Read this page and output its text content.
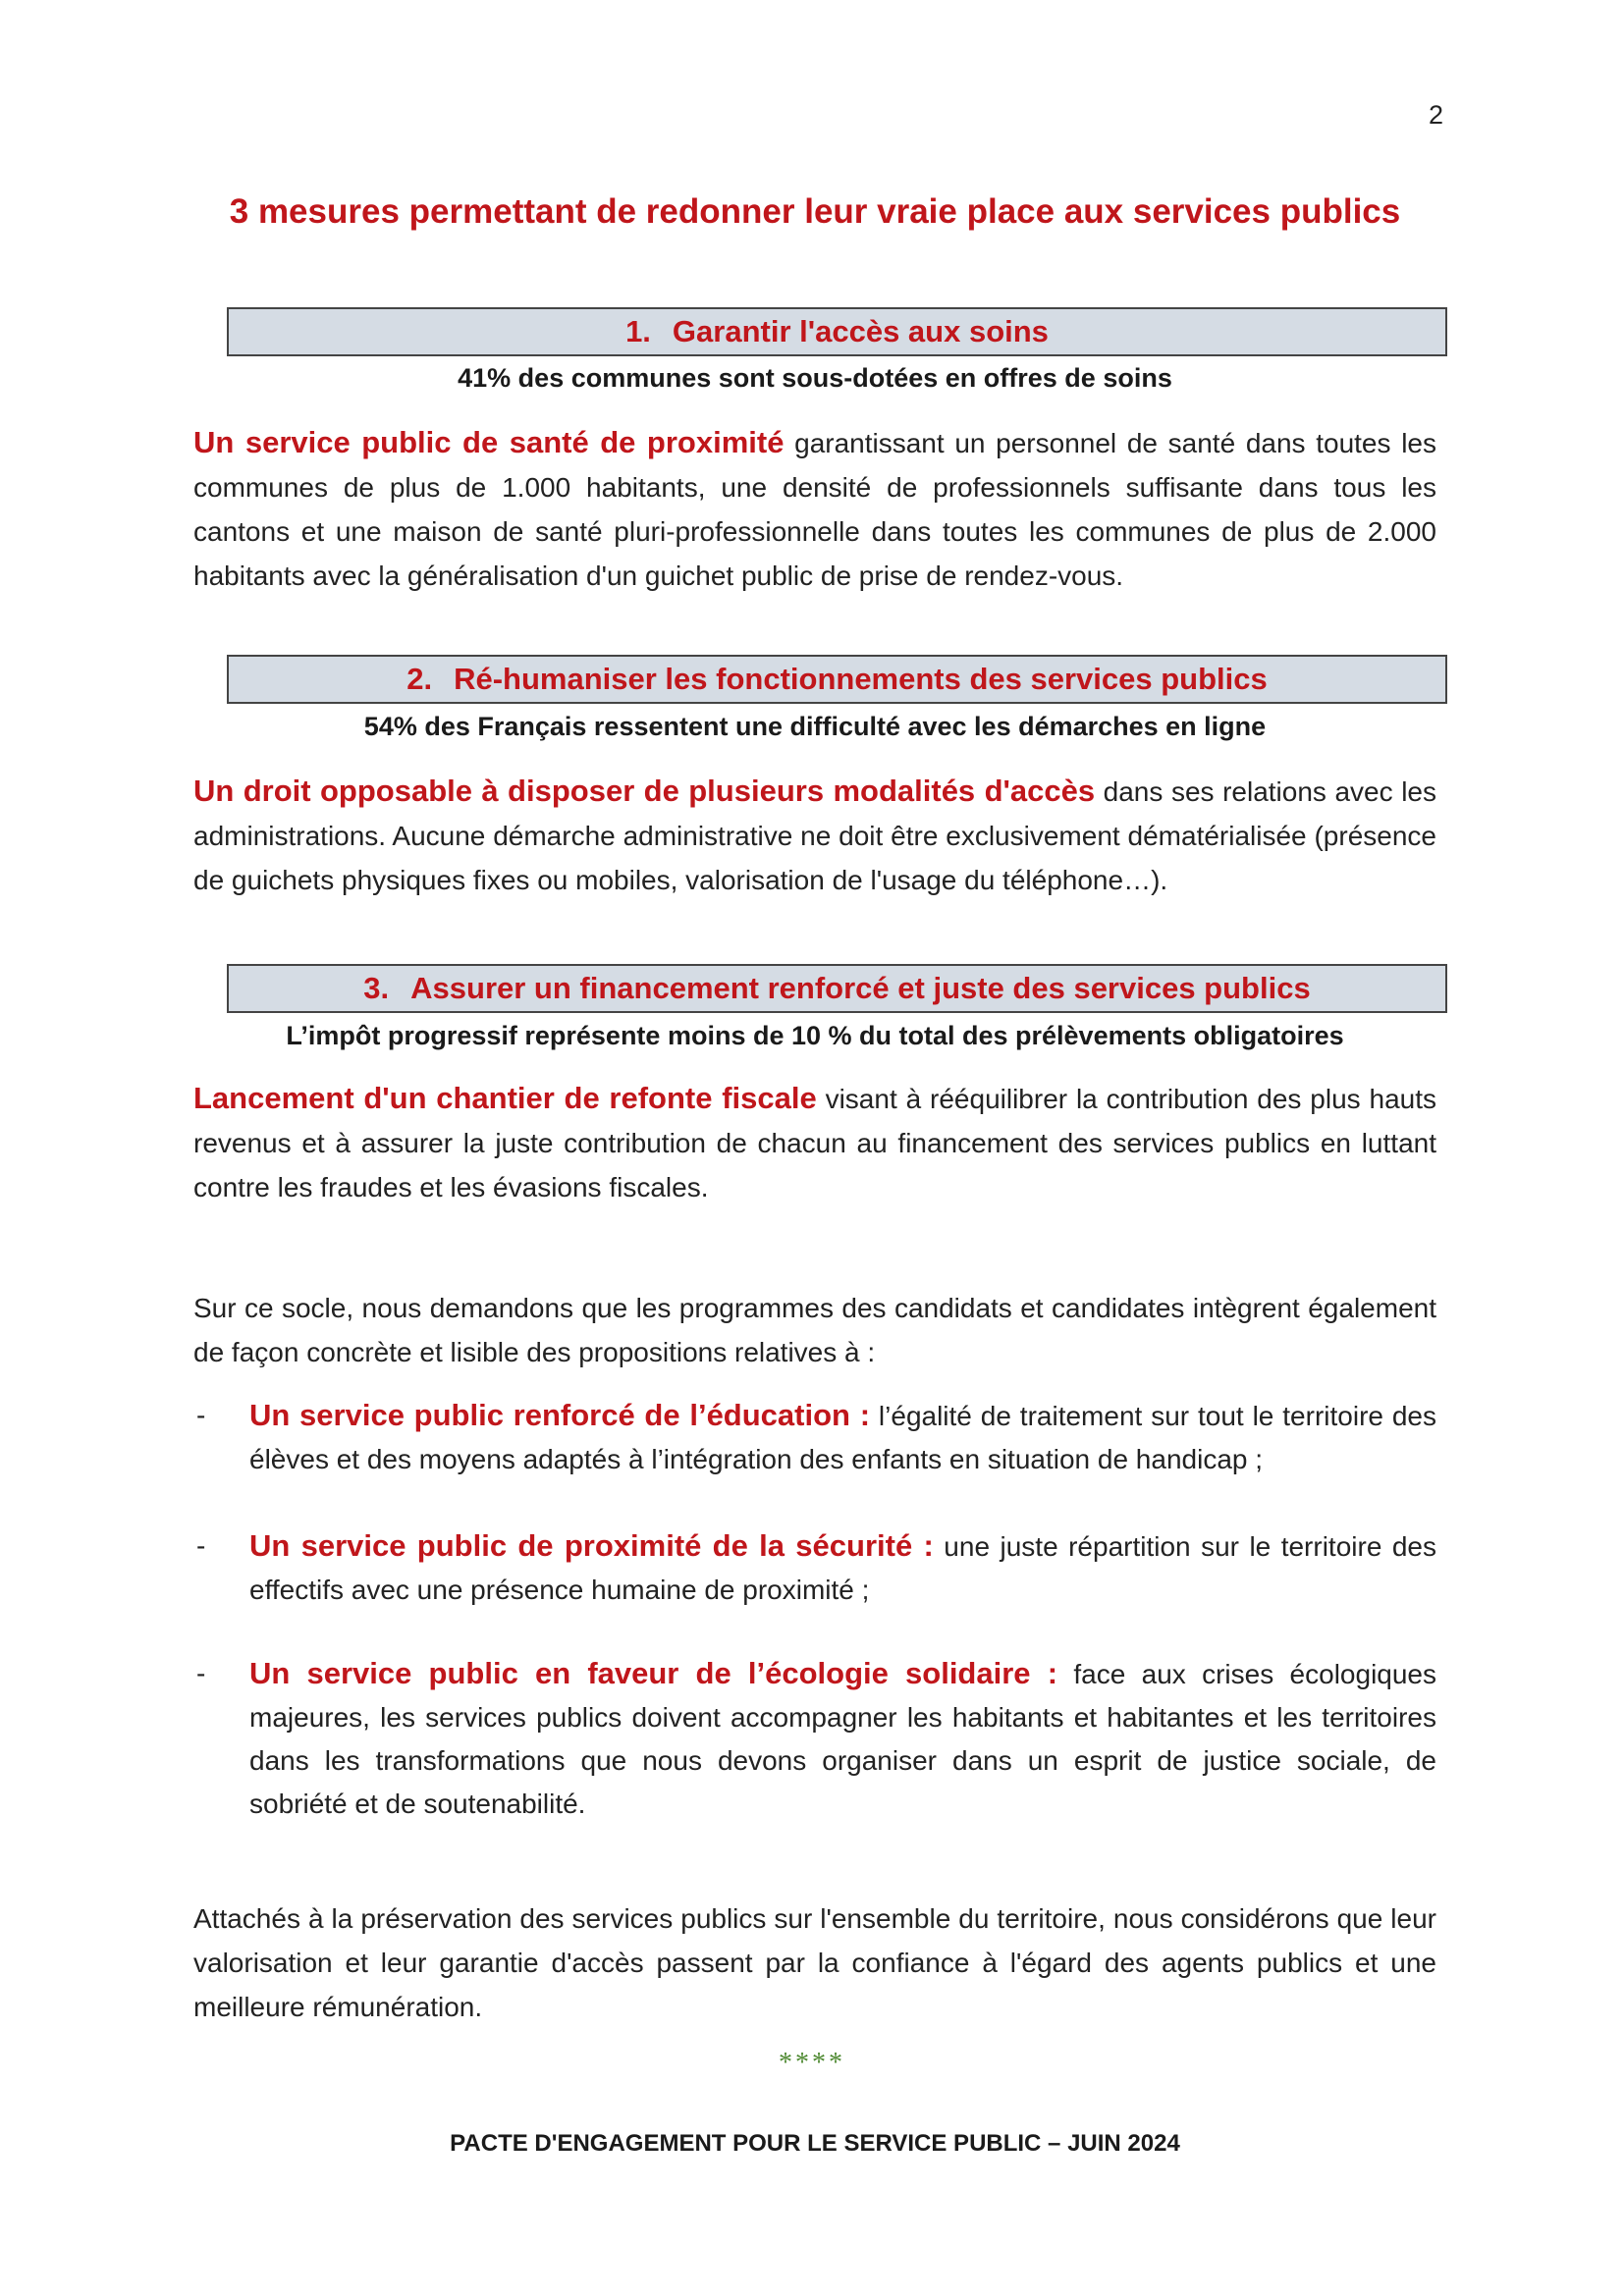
2
3 mesures permettant de redonner leur vraie place aux services publics
1. Garantir l'accès aux soins
41% des communes sont sous-dotées en offres de soins
Un service public de santé de proximité garantissant un personnel de santé dans toutes les communes de plus de 1.000 habitants, une densité de professionnels suffisante dans tous les cantons et une maison de santé pluri-professionnelle dans toutes les communes de plus de 2.000 habitants avec la généralisation d'un guichet public de prise de rendez-vous.
2. Ré-humaniser les fonctionnements des services publics
54% des Français ressentent une difficulté avec les démarches en ligne
Un droit opposable à disposer de plusieurs modalités d'accès dans ses relations avec les administrations. Aucune démarche administrative ne doit être exclusivement dématérialisée (présence de guichets physiques fixes ou mobiles, valorisation de l'usage du téléphone…).
3. Assurer un financement renforcé et juste des services publics
L’impôt progressif représente moins de 10 % du total des prélèvements obligatoires
Lancement d'un chantier de refonte fiscale visant à rééquilibrer la contribution des plus hauts revenus et à assurer la juste contribution de chacun au financement des services publics en luttant contre les fraudes et les évasions fiscales.
Sur ce socle, nous demandons que les programmes des candidats et candidates intègrent également de façon concrète et lisible des propositions relatives à :
- Un service public renforcé de l’éducation : l’égalité de traitement sur tout le territoire des élèves et des moyens adaptés à l’intégration des enfants en situation de handicap ;
- Un service public de proximité de la sécurité : une juste répartition sur le territoire des effectifs avec une présence humaine de proximité ;
- Un service public en faveur de l’écologie solidaire : face aux crises écologiques majeures, les services publics doivent accompagner les habitants et habitantes et les territoires dans les transformations que nous devons organiser dans un esprit de justice sociale, de sobriété et de soutenabilité.
Attachés à la préservation des services publics sur l'ensemble du territoire, nous considérons que leur valorisation et leur garantie d'accès passent par la confiance à l'égard des agents publics et une meilleure rémunération.
****
PACTE D'ENGAGEMENT POUR LE SERVICE PUBLIC – JUIN 2024
